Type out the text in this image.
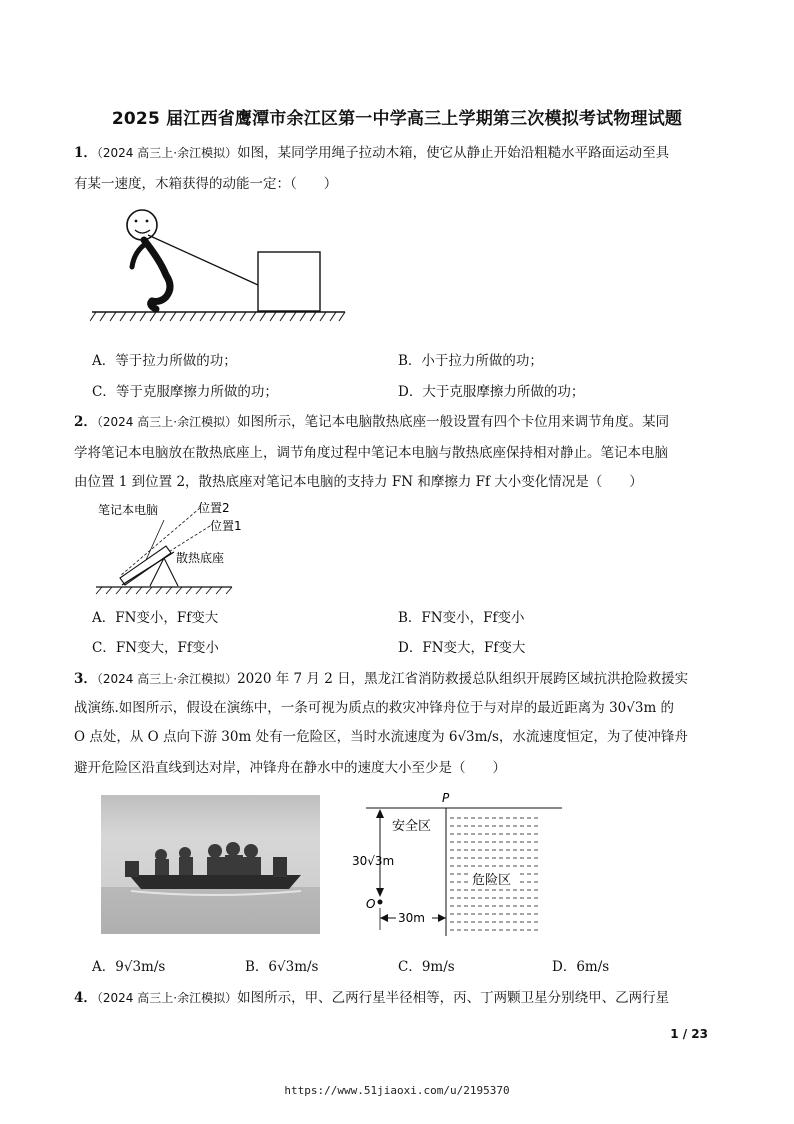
2025 届江西省鹰潭市余江区第一中学高三上学期第三次模拟考试物理试题
1．（2024 高三上·余江模拟）如图，某同学用绳子拉动木箱，使它从静止开始沿粗糙水平路面运动至具
有某一速度，木箱获得的动能一定：（　　）
A．等于拉力所做的功；	B．小于拉力所做的功；
C．等于克服摩擦力所做的功；	D．大于克服摩擦力所做的功；
2．（2024 高三上·余江模拟）如图所示，笔记本电脑散热底座一般设置有四个卡位用来调节角度。某同
学将笔记本电脑放在散热底座上，调节角度过程中笔记本电脑与散热底座保持相对静止。笔记本电脑
由位置 1 到位置 2，散热底座对笔记本电脑的支持力 FN 和摩擦力 Ff 大小变化情况是（　　）
笔记本电脑	位置2
位置1
散热底座
A．FN变小，Ff变大	B．FN变小，Ff变小
C．FN变大，Ff变小	D．FN变大，Ff变大
3．（2024 高三上·余江模拟）2020 年 7 月 2 日，黑龙江省消防救援总队组织开展跨区域抗洪抢险救援实
战演练.如图所示，假设在演练中，一条可视为质点的救灾冲锋舟位于与对岸的最近距离为 30√3m 的
O 点处，从 O 点向下游 30m 处有一危险区，当时水流速度为 6√3m/s，水流速度恒定，为了使冲锋舟
避开危险区沿直线到达对岸，冲锋舟在静水中的速度大小至少是（　　）
P
安全区
30√3m
O
危险区
30m
A．9√3m/s	B．6√3m/s	C．9m/s	D．6m/s
4．（2024 高三上·余江模拟）如图所示，甲、乙两行星半径相等，丙、丁两颗卫星分别绕甲、乙两行星
1 / 23
https://www.51jiaoxi.com/u/2195370
